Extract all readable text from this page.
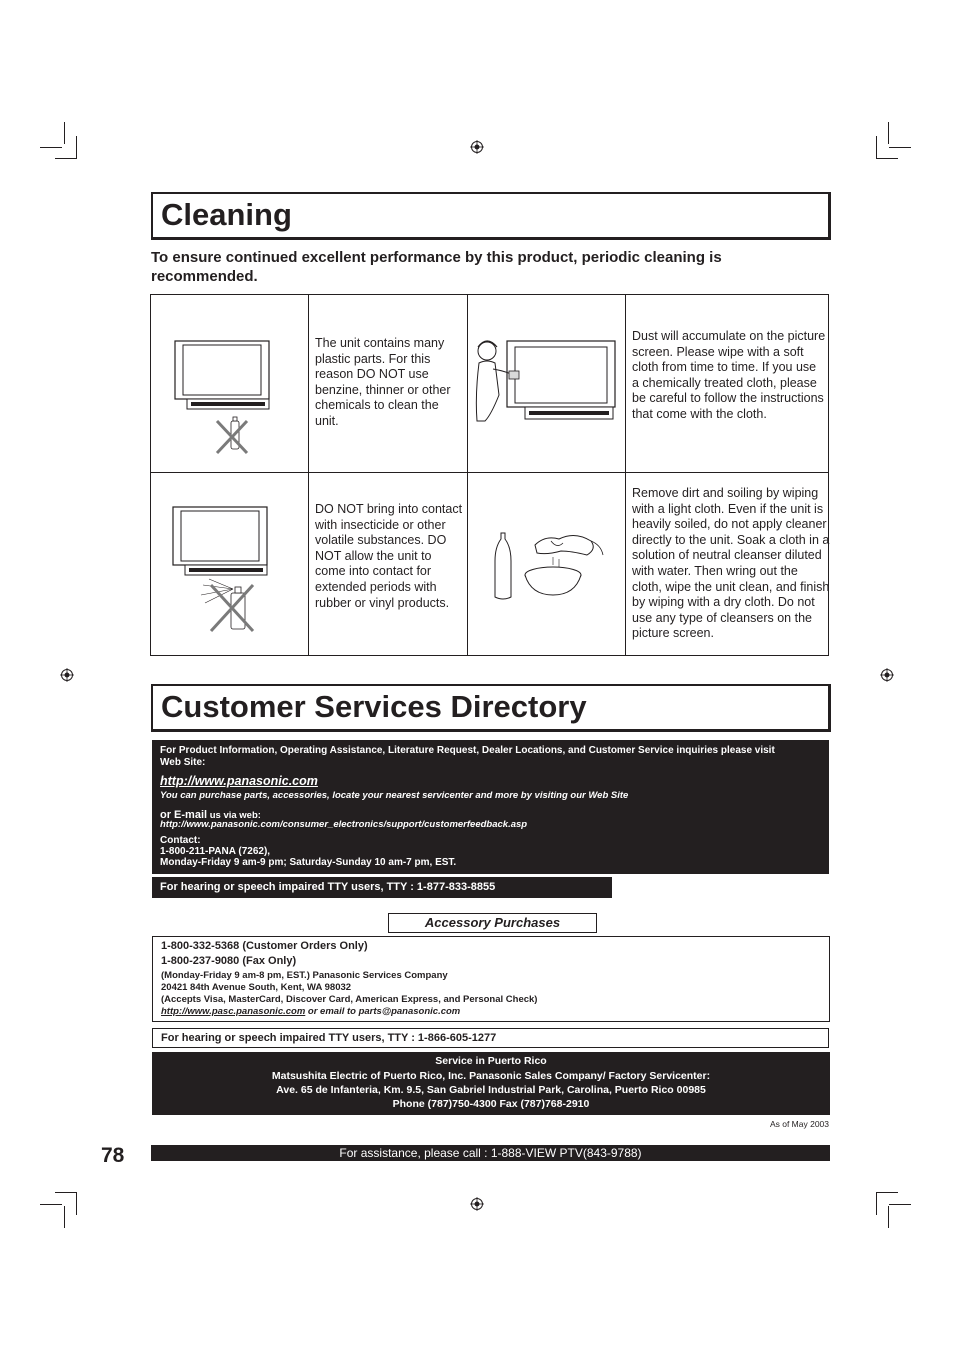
Cleaning
To ensure continued excellent performance by this product, periodic cleaning is recommended.
The unit contains many plastic parts. For this reason DO NOT use benzine, thinner or other chemicals to clean the unit.
Dust will accumulate on the picture screen. Please wipe with a soft cloth from time to time. If you use a chemically treated cloth, please be careful to follow the instructions that come with the cloth.
DO NOT bring into contact with insecticide or other volatile substances. DO NOT allow the unit to come into contact for extended periods with rubber or vinyl products.
Remove dirt and soiling by wiping with a light cloth. Even if the unit is heavily soiled, do not apply cleaner directly to the unit. Soak a cloth in a solution of neutral cleanser diluted with water. Then wring out the cloth, wipe the unit clean, and finish by wiping with a dry cloth. Do not use any type of cleansers on the picture screen.
Customer Services Directory
For Product Information, Operating Assistance, Literature Request, Dealer Locations, and Customer Service inquiries please visit
Web Site:
http://www.panasonic.com
You can purchase parts, accessories, locate your nearest servicenter and more by visiting our Web Site
or E-mail us via web:
http://www.panasonic.com/consumer_electronics/support/customerfeedback.asp
Contact:
1-800-211-PANA (7262),
Monday-Friday 9 am-9 pm; Saturday-Sunday 10 am-7 pm, EST.
For hearing or speech impaired TTY users, TTY : 1-877-833-8855
Accessory Purchases
1-800-332-5368 (Customer Orders Only)
1-800-237-9080 (Fax Only)
(Monday-Friday 9 am-8 pm, EST.) Panasonic Services Company
20421 84th Avenue South, Kent, WA 98032
(Accepts Visa, MasterCard, Discover Card, American Express, and Personal Check)
http://www.pasc.panasonic.com or email to parts@panasonic.com
For hearing or speech impaired TTY users, TTY : 1-866-605-1277
Service in Puerto Rico
Matsushita Electric of Puerto Rico, Inc. Panasonic Sales Company/ Factory Servicenter:
Ave. 65 de Infanteria, Km. 9.5, San Gabriel Industrial Park, Carolina, Puerto Rico 00985
Phone (787)750-4300 Fax (787)768-2910
As of May 2003
78	For assistance, please call : 1-888-VIEW PTV(843-9788)
